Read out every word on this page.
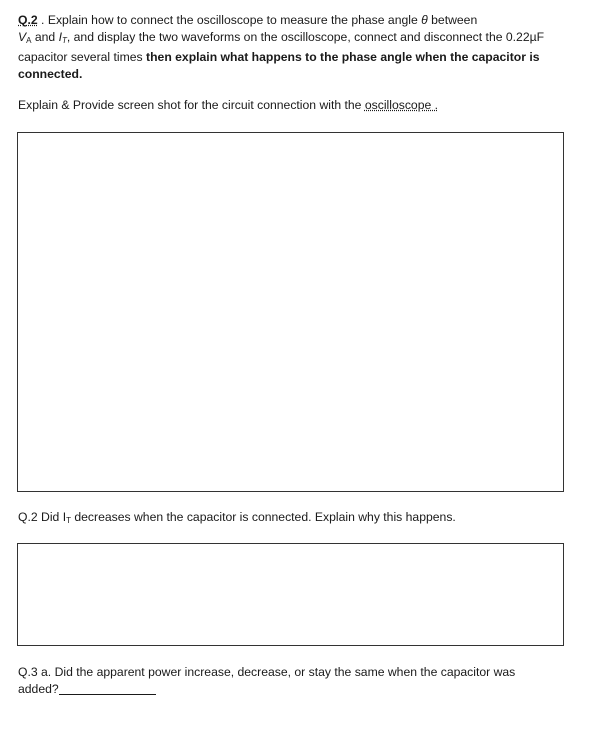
Q.2 . Explain how to connect the oscilloscope to measure the phase angle θ between
$V_A$ and $I_T$, and display the two waveforms on the oscilloscope, connect and disconnect the 0.22µF capacitor several times then explain what happens to the phase angle when the capacitor is connected.

Explain & Provide screen shot for the circuit connection with the oscilloscope .

Q.2 Did $I_T$ decreases when the capacitor is connected. Explain why this happens.

Q.3 a. Did the apparent power increase, decrease, or stay the same when the capacitor was added?
